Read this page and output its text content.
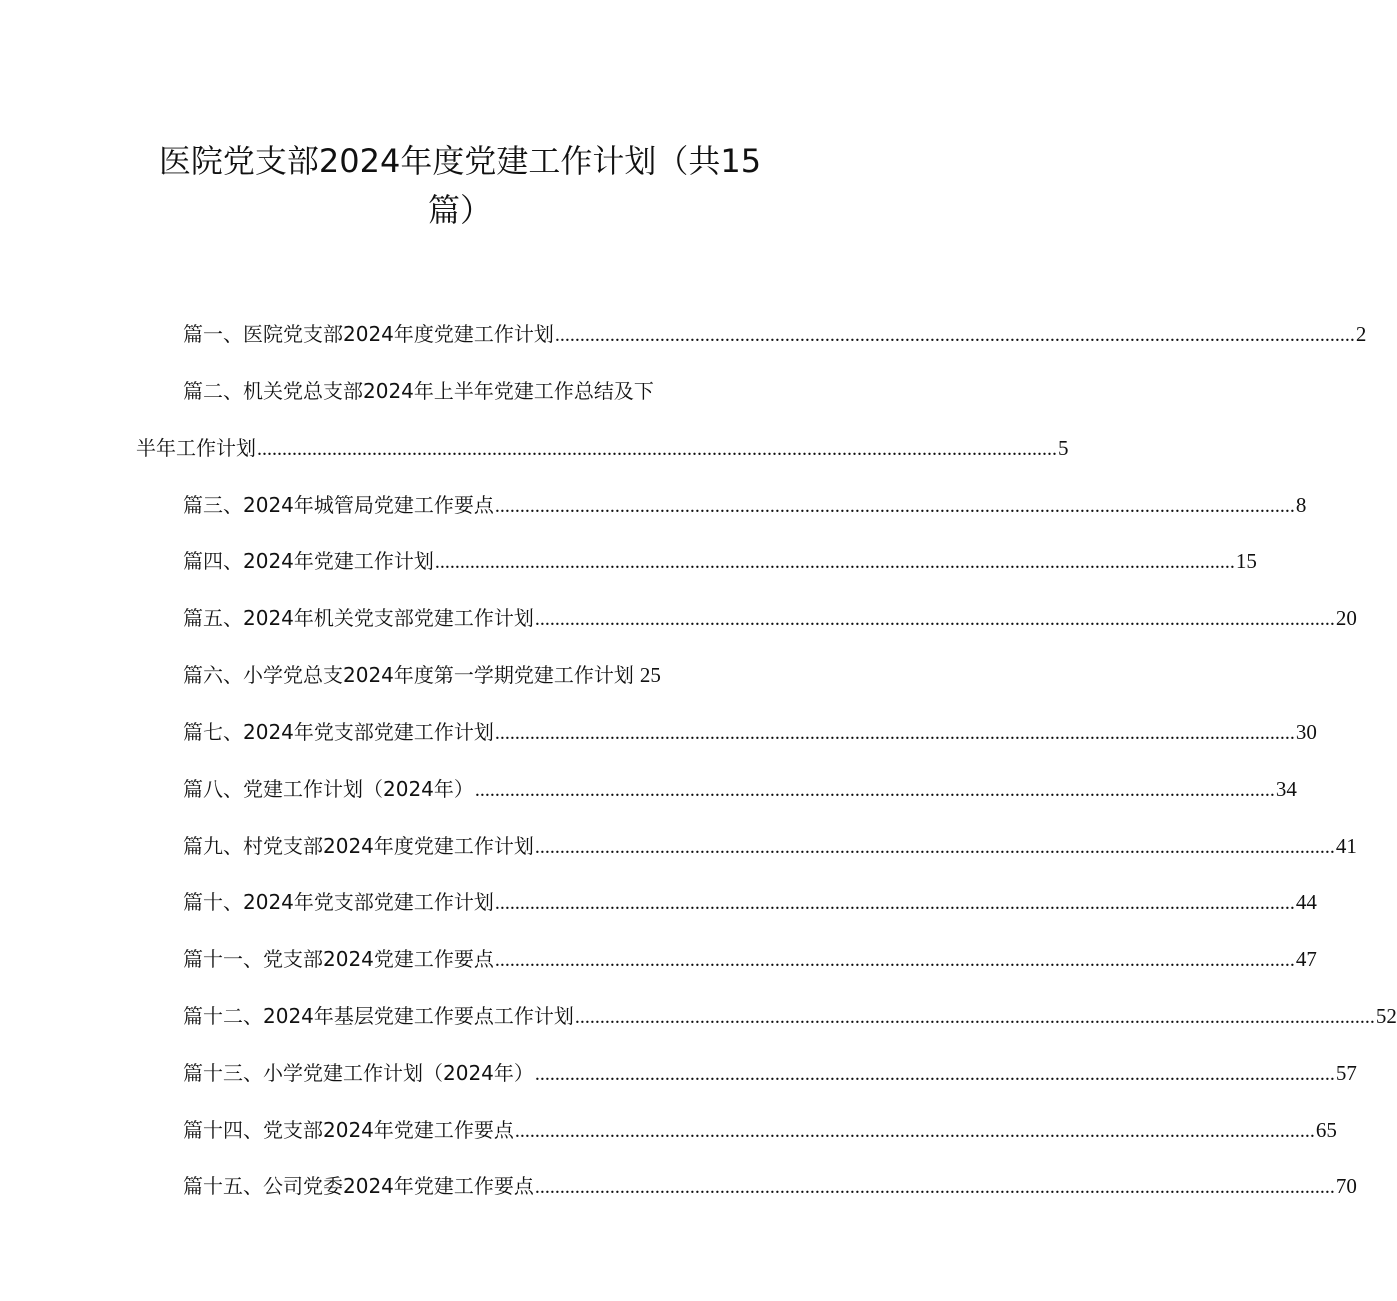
医院党支部2024年度党建工作计划（共15
篇）
篇一、医院党支部2024年度党建工作计划 ................................................................................................................................................................ 2
篇二、机关党总支部2024年上半年党建工作总结及下
半年工作计划 ................................................................................................................................................................ 5
篇三、2024年城管局党建工作要点 ................................................................................................................................................................ 8
篇四、2024年党建工作计划 ................................................................................................................................................................ 15
篇五、2024年机关党支部党建工作计划 ................................................................................................................................................................ 20
篇六、小学党总支2024年度第一学期党建工作计划 25
篇七、2024年党支部党建工作计划 ................................................................................................................................................................ 30
篇八、党建工作计划（2024年） ................................................................................................................................................................ 34
篇九、村党支部2024年度党建工作计划 ................................................................................................................................................................ 41
篇十、2024年党支部党建工作计划 ................................................................................................................................................................ 44
篇十一、党支部2024党建工作要点 ................................................................................................................................................................ 47
篇十二、2024年基层党建工作要点工作计划 ................................................................................................................................................................ 52
篇十三、小学党建工作计划（2024年） ................................................................................................................................................................ 57
篇十四、党支部2024年党建工作要点 ................................................................................................................................................................ 65
篇十五、公司党委2024年党建工作要点 ................................................................................................................................................................ 70
